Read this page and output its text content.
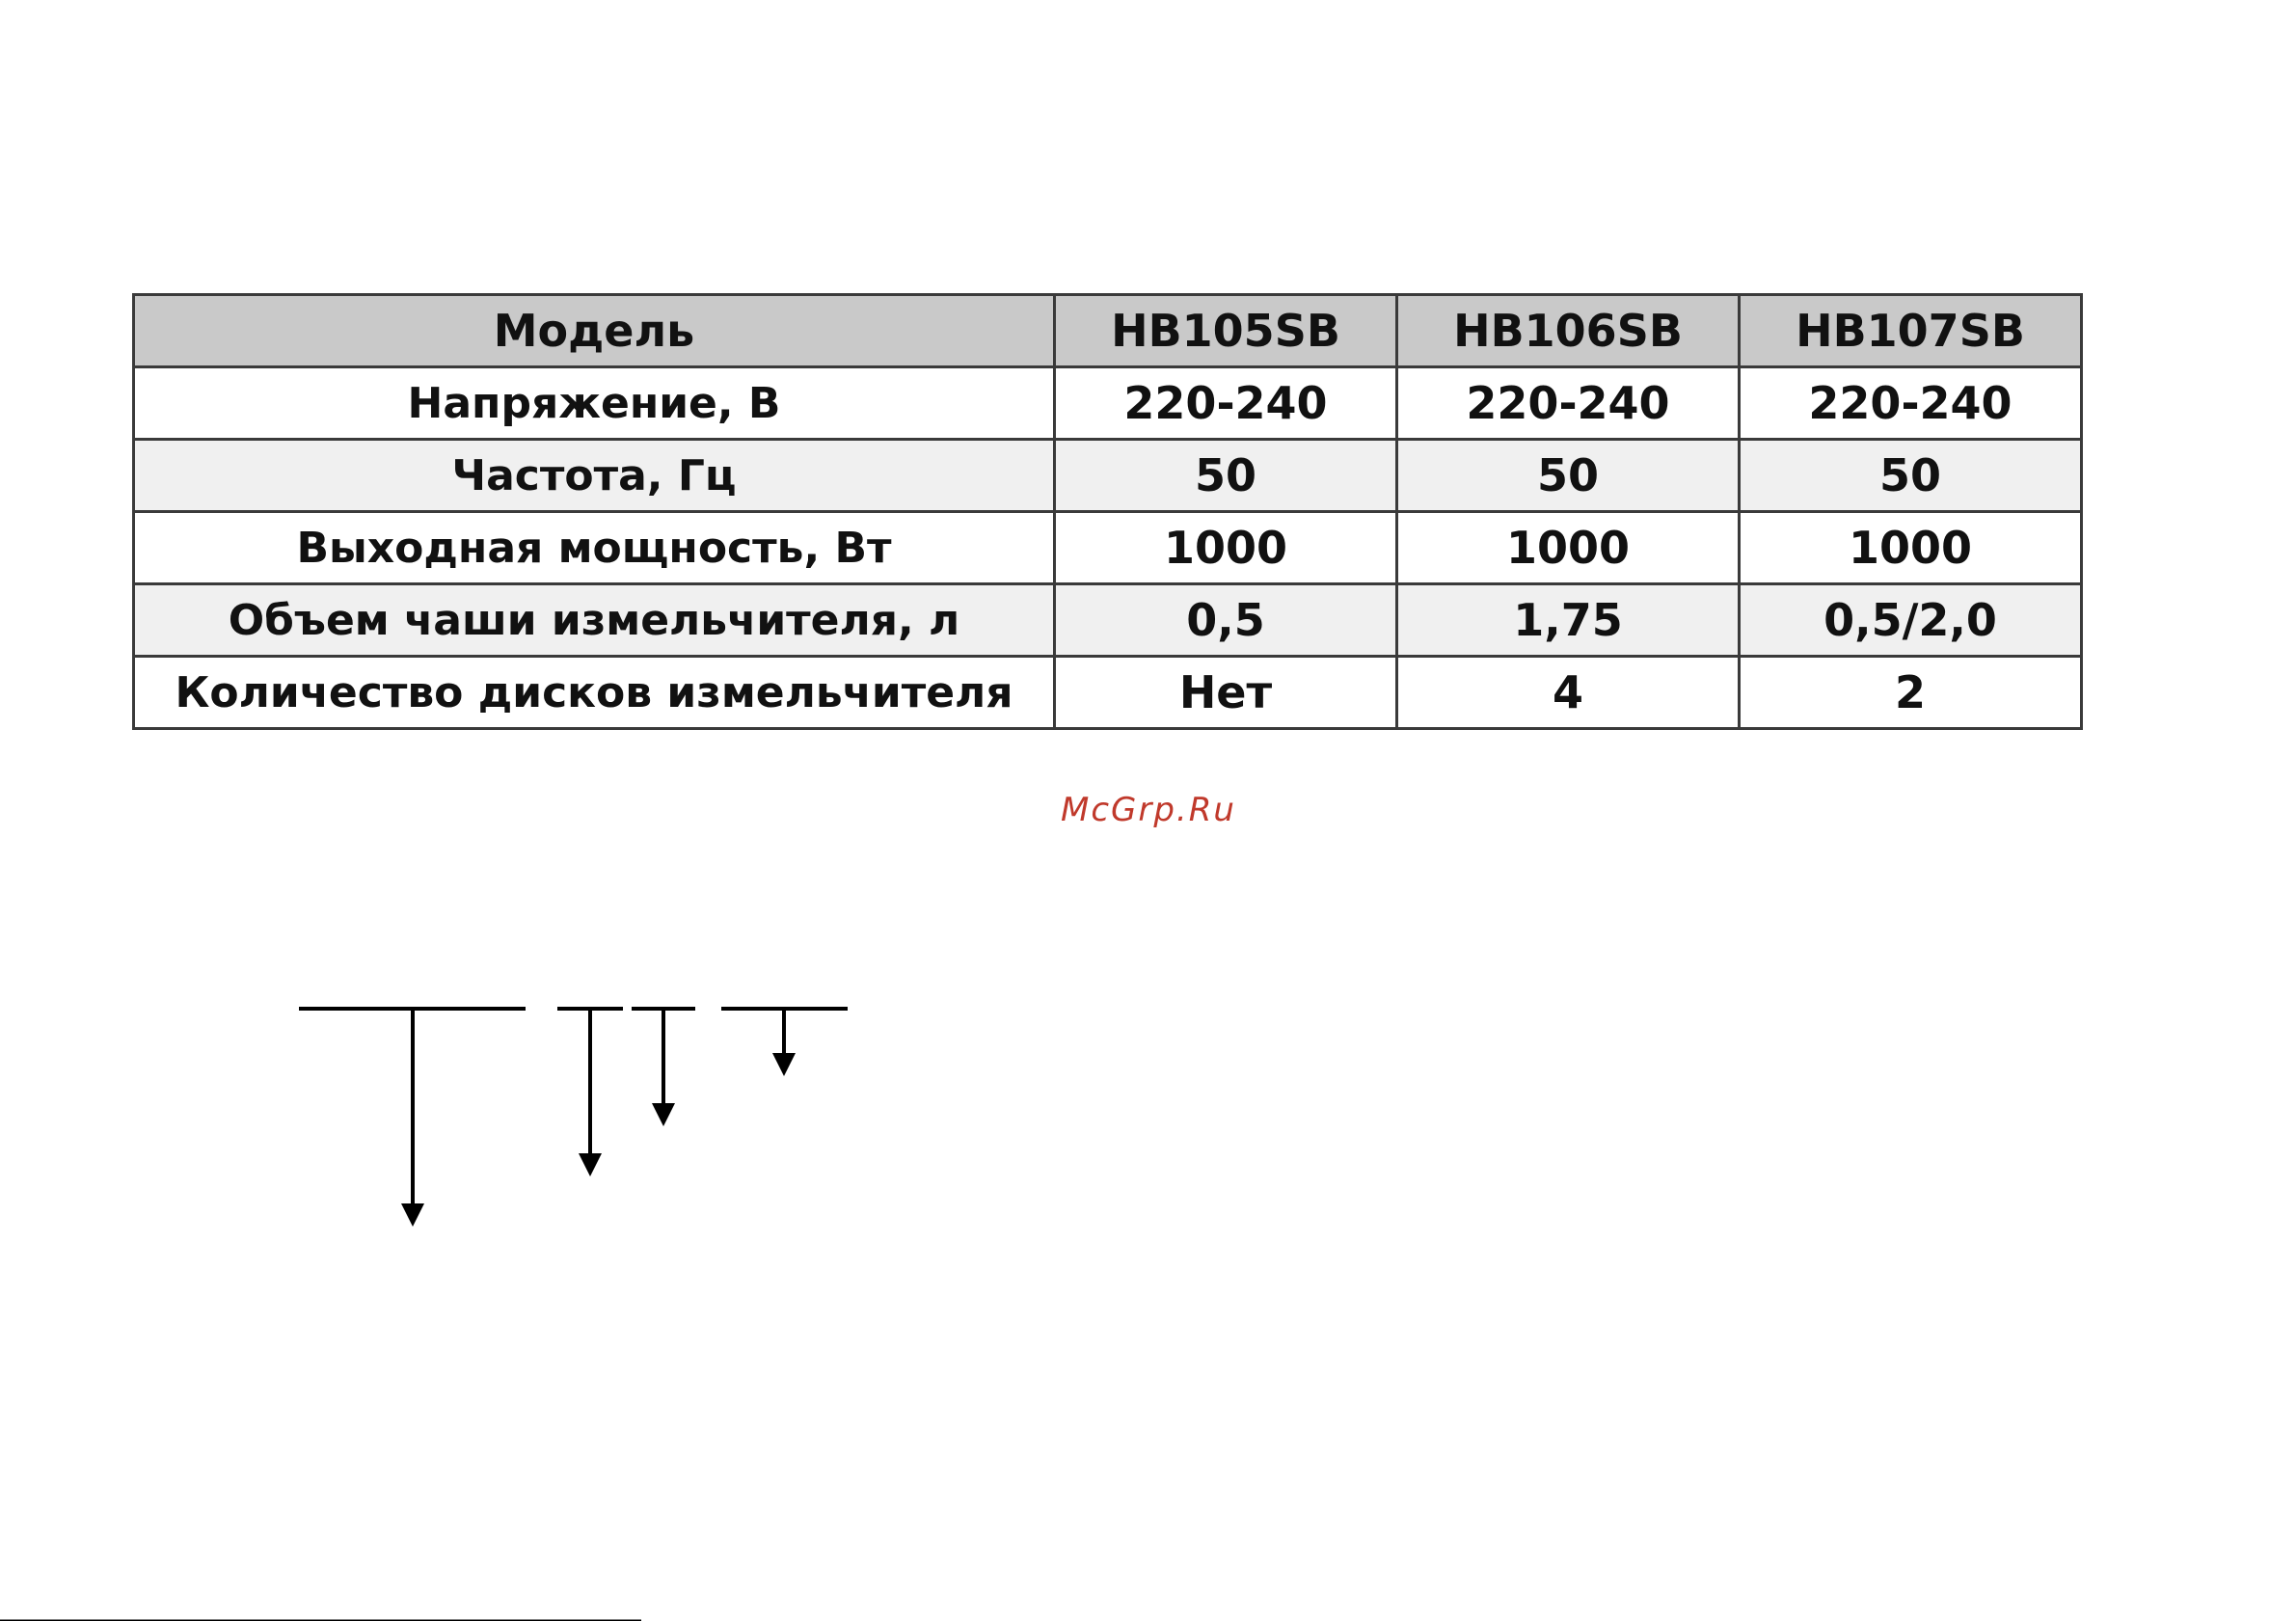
Модель	HB105SB	HB106SB	HB107SB
Напряжение, В	220-240	220-240	220-240
Частота, Гц	50	50	50
Выходная мощность, Вт	1000	1000	1000
Объем чаши измельчителя, л	0,5	1,75	0,5/2,0
Количество дисков измельчителя	Нет	4	2
McGrp.Ru
